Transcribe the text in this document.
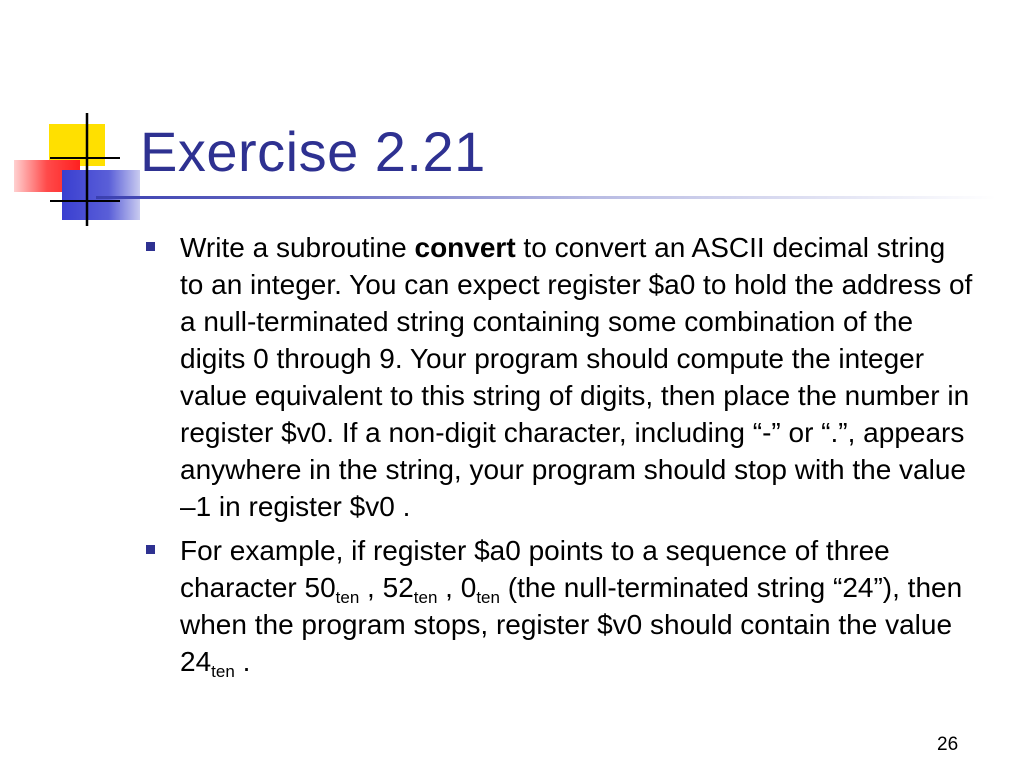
Exercise 2.21
Write a subroutine convert to convert an ASCII decimal string to an integer. You can expect register $a0 to hold the address of a null-terminated string containing some combination of the digits 0 through 9. Your program should compute the integer value equivalent to this string of digits, then place the number in register $v0. If a non-digit character, including “-” or “.”, appears anywhere in the string, your program should stop with the value –1 in register $v0 .
For example, if register $a0 points to a sequence of three character $50_{ten}$ , $52_{ten}$ , $0_{ten}$ (the null-terminated string “24”), then when the program stops, register $v0 should contain the value $24_{ten}$ .
26
